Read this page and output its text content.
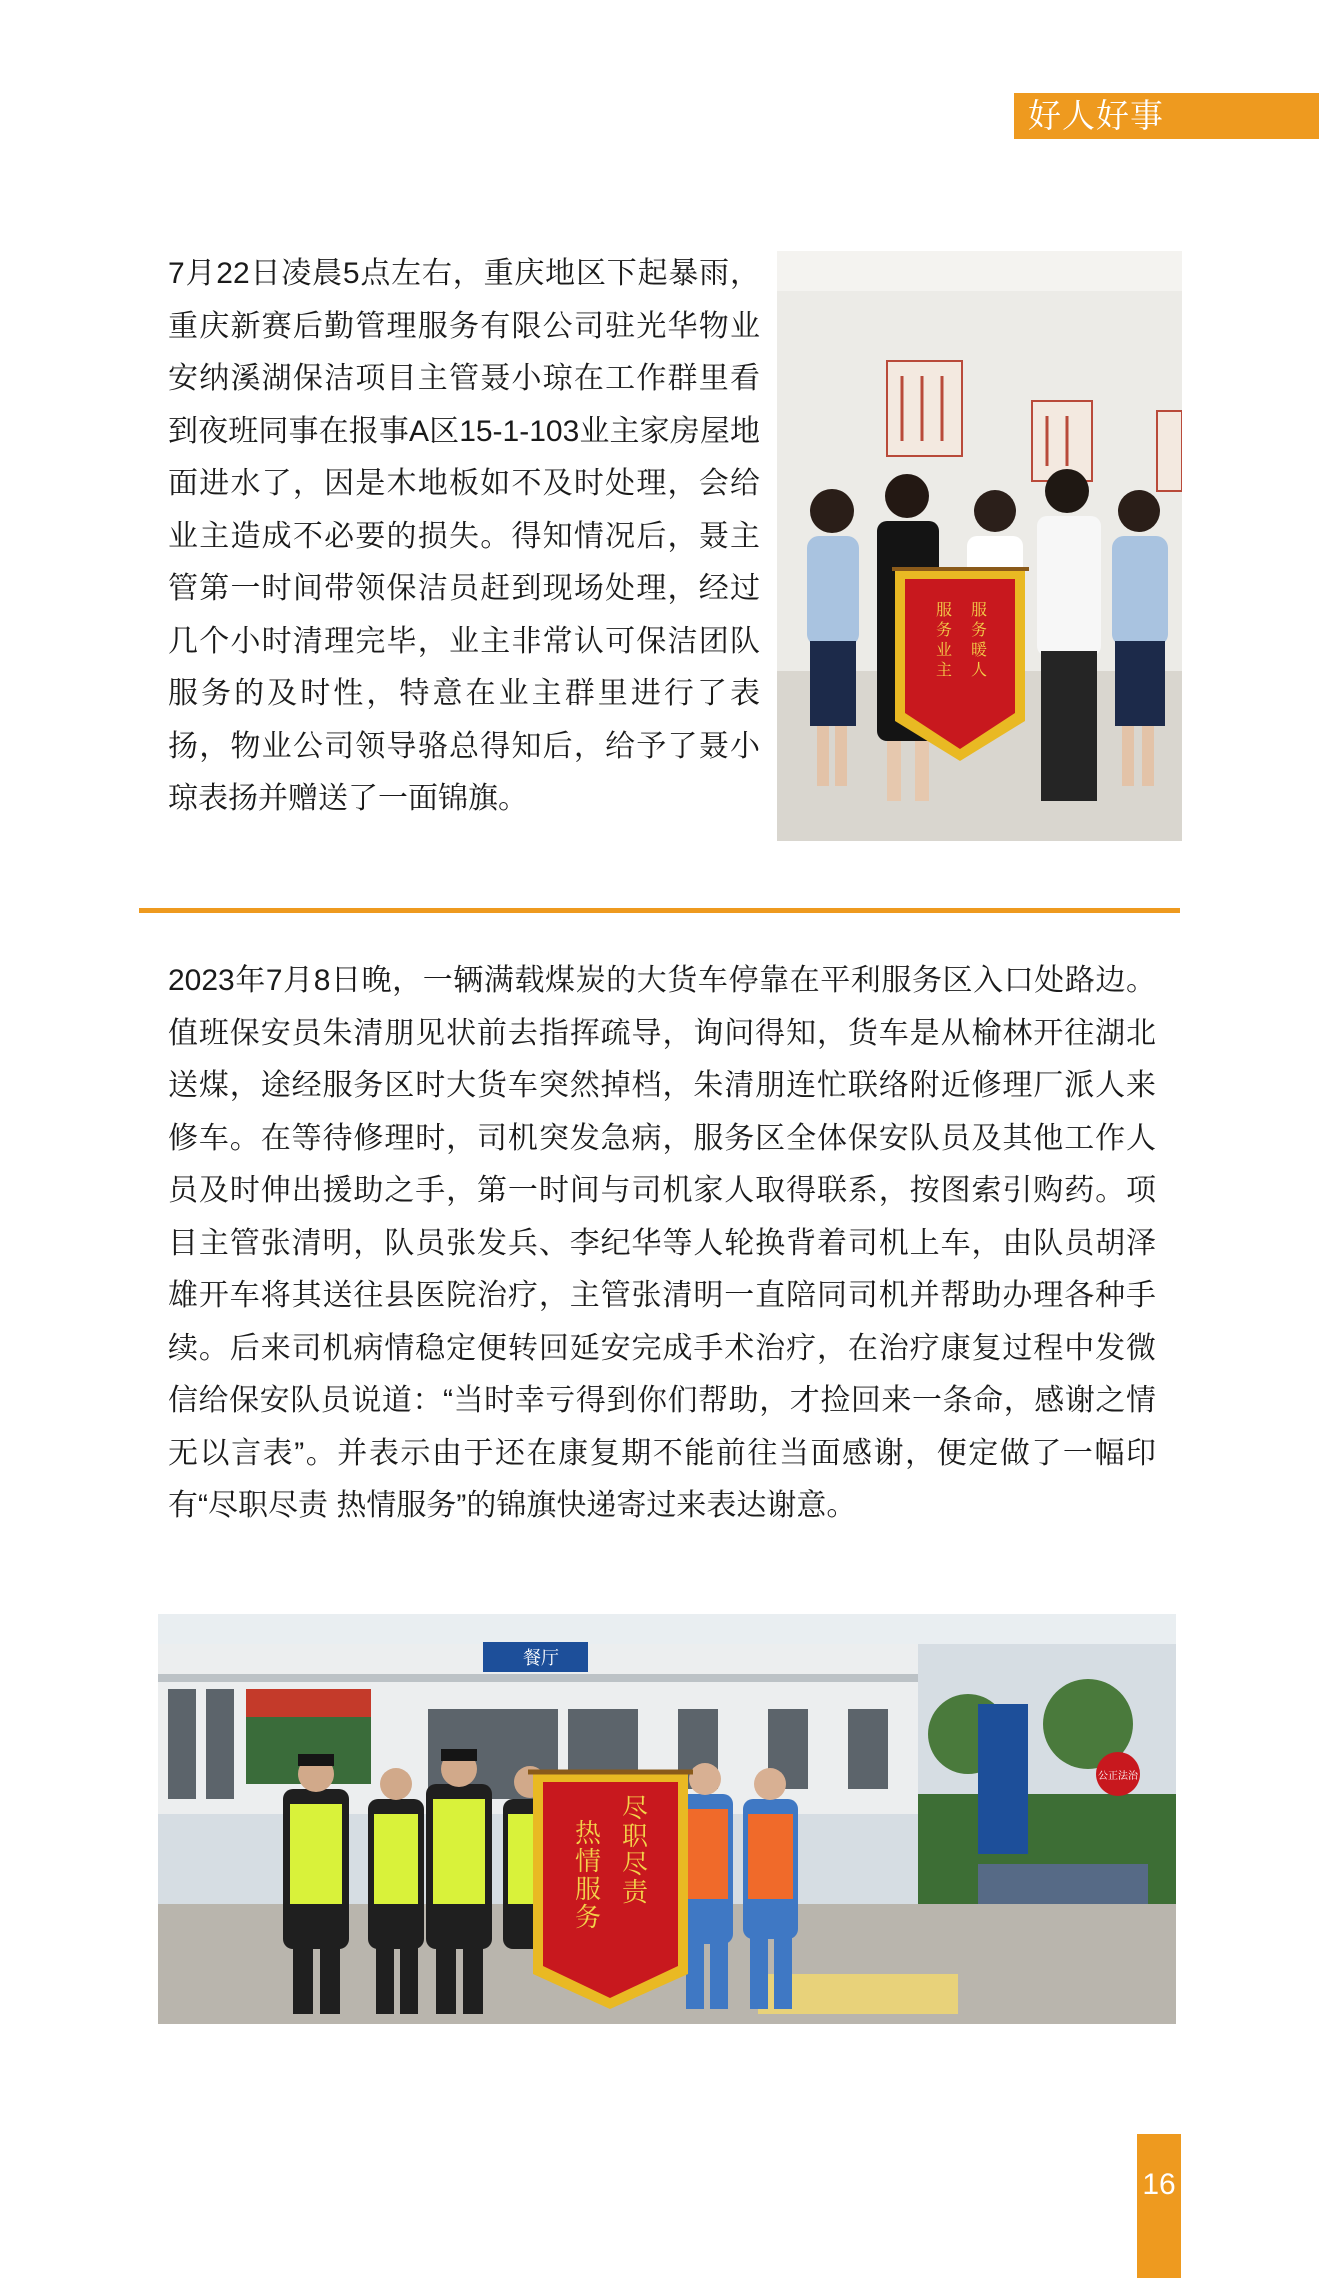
好人好事

7月22日凌晨5点左右，重庆地区下起暴雨，重庆新赛后勤管理服务有限公司驻光华物业安纳溪湖保洁项目主管聂小琼在工作群里看到夜班同事在报事A区15-1-103业主家房屋地面进水了，因是木地板如不及时处理，会给业主造成不必要的损失。得知情况后，聂主管第一时间带领保洁员赶到现场处理，经过几个小时清理完毕，业主非常认可保洁团队服务的及时性，特意在业主群里进行了表扬，物业公司领导骆总得知后，给予了聂小琼表扬并赠送了一面锦旗。

服务业主 服务暖人

2023年7月8日晚，一辆满载煤炭的大货车停靠在平利服务区入口处路边。值班保安员朱清朋见状前去指挥疏导，询问得知，货车是从榆林开往湖北送煤，途经服务区时大货车突然掉档，朱清朋连忙联络附近修理厂派人来修车。在等待修理时，司机突发急病，服务区全体保安队员及其他工作人员及时伸出援助之手，第一时间与司机家人取得联系，按图索引购药。项目主管张清明，队员张发兵、李纪华等人轮换背着司机上车，由队员胡泽雄开车将其送往县医院治疗，主管张清明一直陪同司机并帮助办理各种手续。后来司机病情稳定便转回延安完成手术治疗，在治疗康复过程中发微信给保安队员说道：“当时幸亏得到你们帮助，才捡回来一条命，感谢之情无以言表”。并表示由于还在康复期不能前往当面感谢，便定做了一幅印有“尽职尽责 热情服务”的锦旗快递寄过来表达谢意。

餐厅
公正法治
尽职尽责
热情服务
16
